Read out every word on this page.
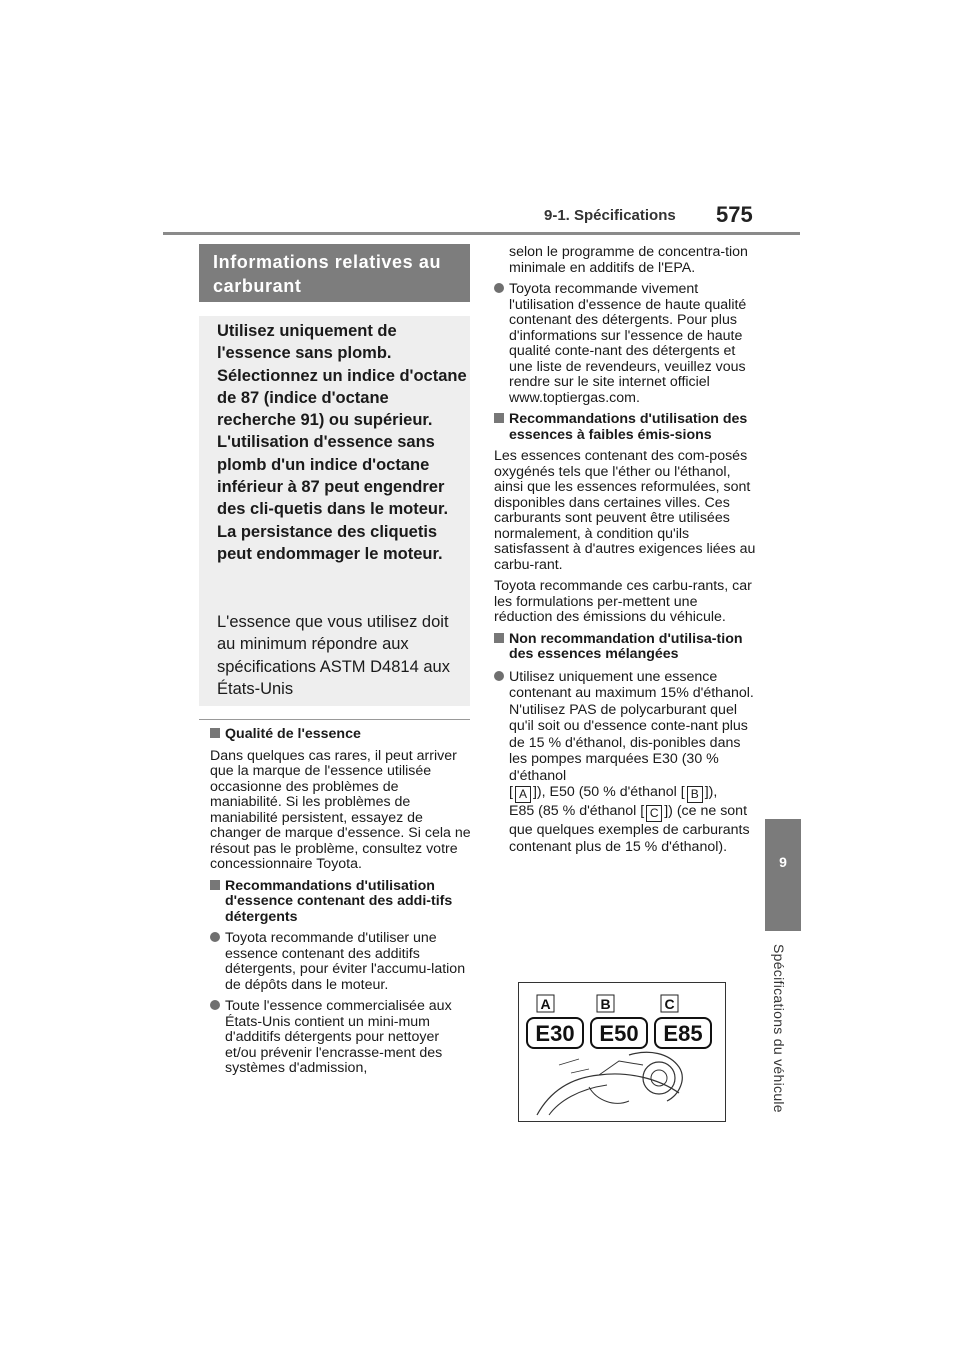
9-1. Spécifications 575
9
Spécifications du véhicule
Informations relatives au carburant
Utilisez uniquement de l'essence sans plomb. Sélectionnez un indice d'octane de 87 (indice d'octane recherche 91) ou supérieur. L'utilisation d'essence sans plomb d'un indice d'octane inférieur à 87 peut engendrer des cli-quetis dans le moteur. La persistance des cliquetis peut endommager le moteur.
L'essence que vous utilisez doit au minimum répondre aux spécifications ASTM D4814 aux États-Unis

Qualité de l'essence

Dans quelques cas rares, il peut arriver que la marque de l'essence utilisée occasionne des problèmes de maniabilité. Si les problèmes de maniabilité persistent, essayez de changer de marque d'essence. Si cela ne résout pas le problème, consultez votre concessionnaire Toyota.

Recommandations d'utilisation d'essence contenant des addi-tifs détergents

Toyota recommande d'utiliser une essence contenant des additifs détergents, pour éviter l'accumu-lation de dépôts dans le moteur.

Toute l'essence commercialisée aux États-Unis contient un mini-mum d'additifs détergents pour nettoyer et/ou prévenir l'encrasse-ment des systèmes d'admission,

selon le programme de concentra-tion minimale en additifs de l'EPA.

Toyota recommande vivement l'utilisation d'essence de haute qualité contenant des détergents. Pour plus d'informations sur l'essence de haute qualité conte-nant des détergents et une liste de revendeurs, veuillez vous rendre sur le site internet officiel www.toptiergas.com.

Recommandations d'utilisation des essences à faibles émis-sions

Les essences contenant des com-posés oxygénés tels que l'éther ou l'éthanol, ainsi que les essences reformulées, sont disponibles dans certaines villes. Ces carburants sont peuvent être utilisées normalement, à condition qu'ils satisfassent à d'autres exigences liées au carbu-rant.

Toyota recommande ces carbu-rants, car les formulations per-mettent une réduction des émissions du véhicule.

Non recommandation d'utilisa-tion des essences mélangées

Utilisez uniquement une essence contenant au maximum 15% d'éthanol.
N'utilisez PAS de polycarburant quel qu'il soit ou d'essence conte-nant plus de 15 % d'éthanol, dis-ponibles dans les pompes marquées E30 (30 % d'éthanol
[ A ]), E50 (50 % d'éthanol [ B ]),
E85 (85 % d'éthanol [ C ]) (ce ne sont que quelques exemples de carburants contenant plus de 15 % d'éthanol).

A	B	C
E30 E50 E85
